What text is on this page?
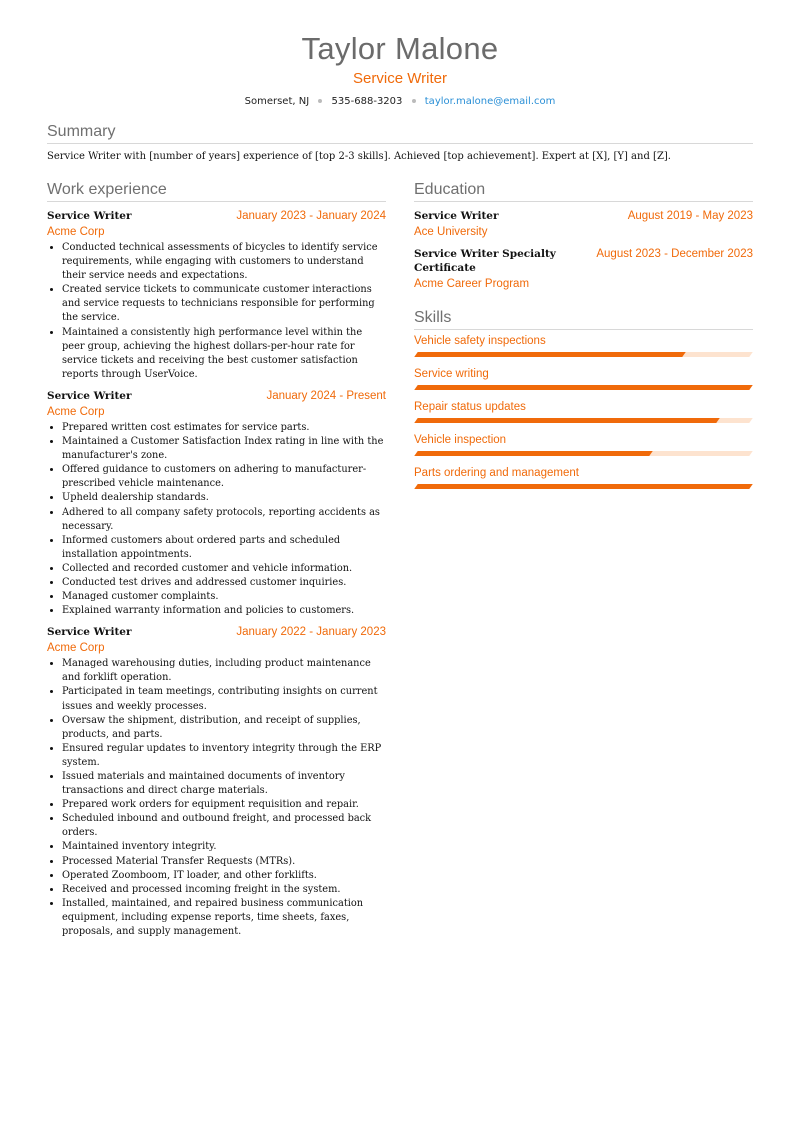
Taylor Malone
Service Writer
Somerset, NJ 535-688-3203 taylor.malone@email.com
Summary
Service Writer with [number of years] experience of [top 2-3 skills]. Achieved [top achievement]. Expert at [X], [Y] and [Z].
Work experience
Service Writer	January 2023 - January 2024
Acme Corp
• Conducted technical assessments of bicycles to identify service requirements, while engaging with customers to understand their service needs and expectations.
• Created service tickets to communicate customer interactions and service requests to technicians responsible for performing the service.
• Maintained a consistently high performance level within the peer group, achieving the highest dollars-per-hour rate for service tickets and receiving the best customer satisfaction reports through UserVoice.
Service Writer	January 2024 - Present
Acme Corp
• Prepared written cost estimates for service parts.
• Maintained a Customer Satisfaction Index rating in line with the manufacturer's zone.
• Offered guidance to customers on adhering to manufacturer-prescribed vehicle maintenance.
• Upheld dealership standards.
• Adhered to all company safety protocols, reporting accidents as necessary.
• Informed customers about ordered parts and scheduled installation appointments.
• Collected and recorded customer and vehicle information.
• Conducted test drives and addressed customer inquiries.
• Managed customer complaints.
• Explained warranty information and policies to customers.
Service Writer	January 2022 - January 2023
Acme Corp
• Managed warehousing duties, including product maintenance and forklift operation.
• Participated in team meetings, contributing insights on current issues and weekly processes.
• Oversaw the shipment, distribution, and receipt of supplies, products, and parts.
• Ensured regular updates to inventory integrity through the ERP system.
• Issued materials and maintained documents of inventory transactions and direct charge materials.
• Prepared work orders for equipment requisition and repair.
• Scheduled inbound and outbound freight, and processed back orders.
• Maintained inventory integrity.
• Processed Material Transfer Requests (MTRs).
• Operated Zoomboom, IT loader, and other forklifts.
• Received and processed incoming freight in the system.
• Installed, maintained, and repaired business communication equipment, including expense reports, time sheets, faxes, proposals, and supply management.
Education
Service Writer	August 2019 - May 2023
Ace University
Service Writer Specialty Certificate
August 2023 - December 2023
Acme Career Program
Skills
Vehicle safety inspections
Service writing
Repair status updates
Vehicle inspection
Parts ordering and management
